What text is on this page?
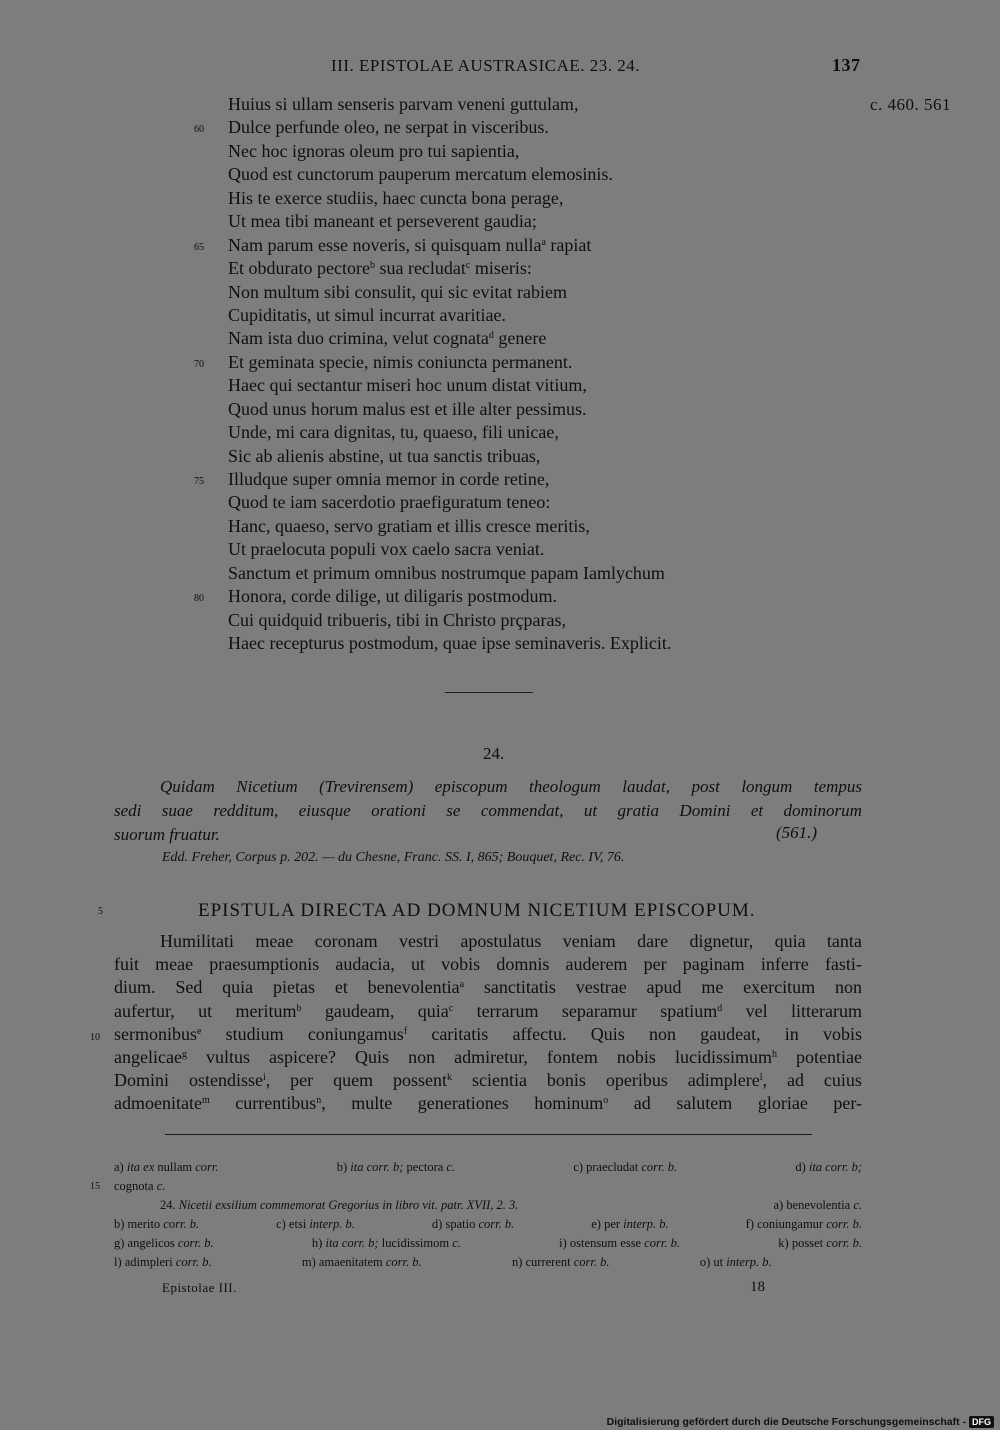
III. EPISTOLAE AUSTRASICAE. 23. 24.	137
c. 460. 561
Huius si ullam senseris parvam veneni guttulam,
60 Dulce perfunde oleo, ne serpat in visceribus.
Nec hoc ignoras oleum pro tui sapientia,
Quod est cunctorum pauperum mercatum elemosinis.
His te exerce studiis, haec cuncta bona perage,
Ut mea tibi maneant et perseverent gaudia;
65 Nam parum esse noveris, si quisquam nulla$^a$ rapiat
Et obdurato pectore$^b$ sua recludat$^c$ miseris:
Non multum sibi consulit, qui sic evitat rabiem
Cupiditatis, ut simul incurrat avaritiae.
Nam ista duo crimina, velut cognata$^d$ genere
70 Et geminata specie, nimis coniuncta permanent.
Haec qui sectantur miseri hoc unum distat vitium,
Quod unus horum malus est et ille alter pessimus.
Unde, mi cara dignitas, tu, quaeso, fili unicae,
Sic ab alienis abstine, ut tua sanctis tribuas,
75 Illudque super omnia memor in corde retine,
Quod te iam sacerdotio praefiguratum teneo:
Hanc, quaeso, servo gratiam et illis cresce meritis,
Ut praelocuta populi vox caelo sacra veniat.
Sanctum et primum omnibus nostrumque papam Iamlychum
80 Honora, corde dilige, ut diligaris postmodum.
Cui quidquid tribueris, tibi in Christo prçparas,
Haec recepturus postmodum, quae ipse seminaveris. Explicit.
24.
Quidam Nicetium (Trevirensem) episcopum theologum laudat, post longum tempus
sedi suae redditum, eiusque orationi se commendat, ut gratia Domini et dominorum
suorum fruatur.	(561.)
Edd. Freher, Corpus p. 202. — du Chesne, Franc. SS. I, 865; Bouquet, Rec. IV, 76.
5	EPISTULA DIRECTA AD DOMNUM NICETIUM EPISCOPUM.
Humilitati meae coronam vestri apostulatus veniam dare dignetur, quia tanta
fuit meae praesumptionis audacia, ut vobis domnis auderem per paginam inferre fasti-
dium. Sed quia pietas et benevolentia$^a$ sanctitatis vestrae apud me exercitum non
aufertur, ut meritum$^b$ gaudeam, quia$^c$ terrarum separamur spatium$^d$ vel litterarum
10 sermonibus$^e$ studium coniungamus$^f$ caritatis affectu. Quis non gaudeat, in vobis
angelicae$^g$ vultus aspicere? Quis non admiretur, fontem nobis lucidissimum$^h$ potentiae
Domini ostendisse$^i$, per quem possent$^k$ scientia bonis operibus adimplere$^l$, ad cuius
admoenitate$^m$ currentibus$^n$, multe generationes hominum$^o$ ad salutem gloriae per-
a) ita ex nullam corr.	b) ita corr. b; pectora c.	c) praecludat corr. b.	d) ita corr. b;
15 cognota c.
24. Nicetii exsilium commemorat Gregorius in libro vit. patr. XVII, 2. 3.	a) benevolentia c.
b) merito corr. b.	c) etsi interp. b.	d) spatio corr. b.	e) per interp. b.	f) coniungamur corr. b.
g) angelicos corr. b.	h) ita corr. b; lucidissimom c.	i) ostensum esse corr. b.	k) posset corr. b.
l) adimpleri corr. b.	m) amaenitatem corr. b.	n) currerent corr. b.	o) ut interp. b.
Epistolae III.	18
Digitalisierung gefördert durch die Deutsche Forschungsgemeinschaft - DFG
